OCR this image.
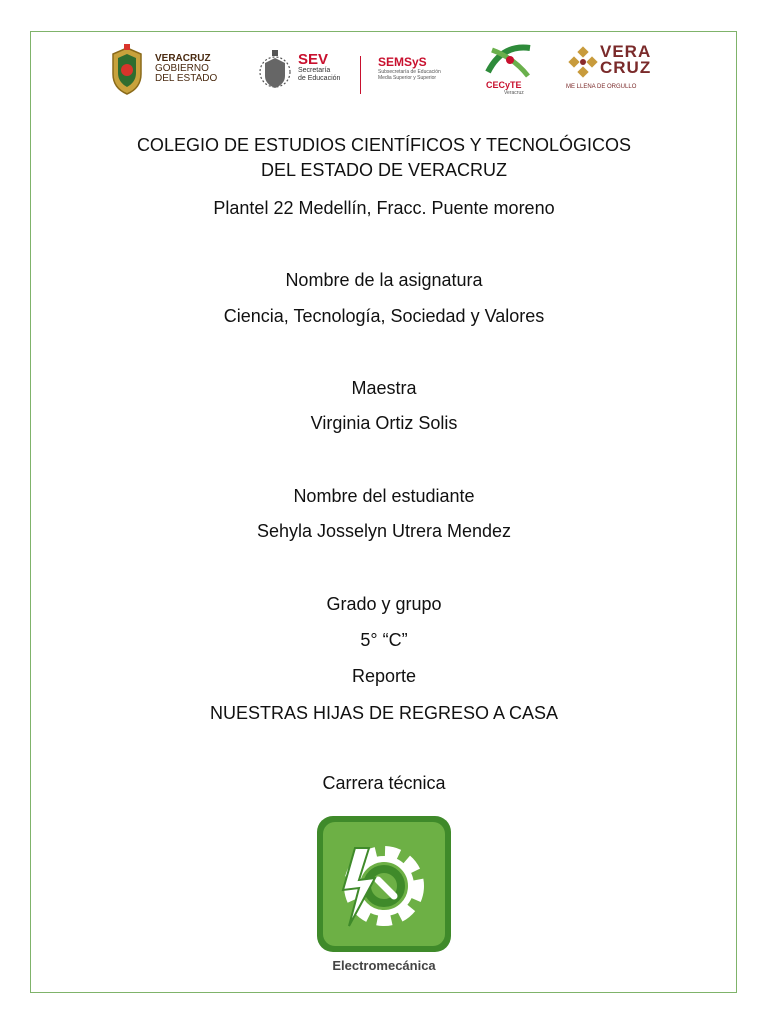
VERACRUZ
GOBIERNO
DEL ESTADO
SEV
Secretaría
de Educación
SEMSyS
Subsecretaría de Educación
Media Superior y Superior
CECyTE
Veracruz
VERA
CRUZ
ME LLENA DE ORGULLO
COLEGIO DE ESTUDIOS CIENTÍFICOS Y TECNOLÓGICOS
DEL ESTADO DE VERACRUZ
Plantel 22 Medellín, Fracc. Puente moreno
Nombre de la asignatura
Ciencia, Tecnología, Sociedad y Valores
Maestra
Virginia Ortiz Solis
Nombre del estudiante
Sehyla Josselyn Utrera Mendez
Grado y grupo
5° “C”
Reporte
NUESTRAS HIJAS DE REGRESO A CASA
Carrera técnica
Electromecánica
